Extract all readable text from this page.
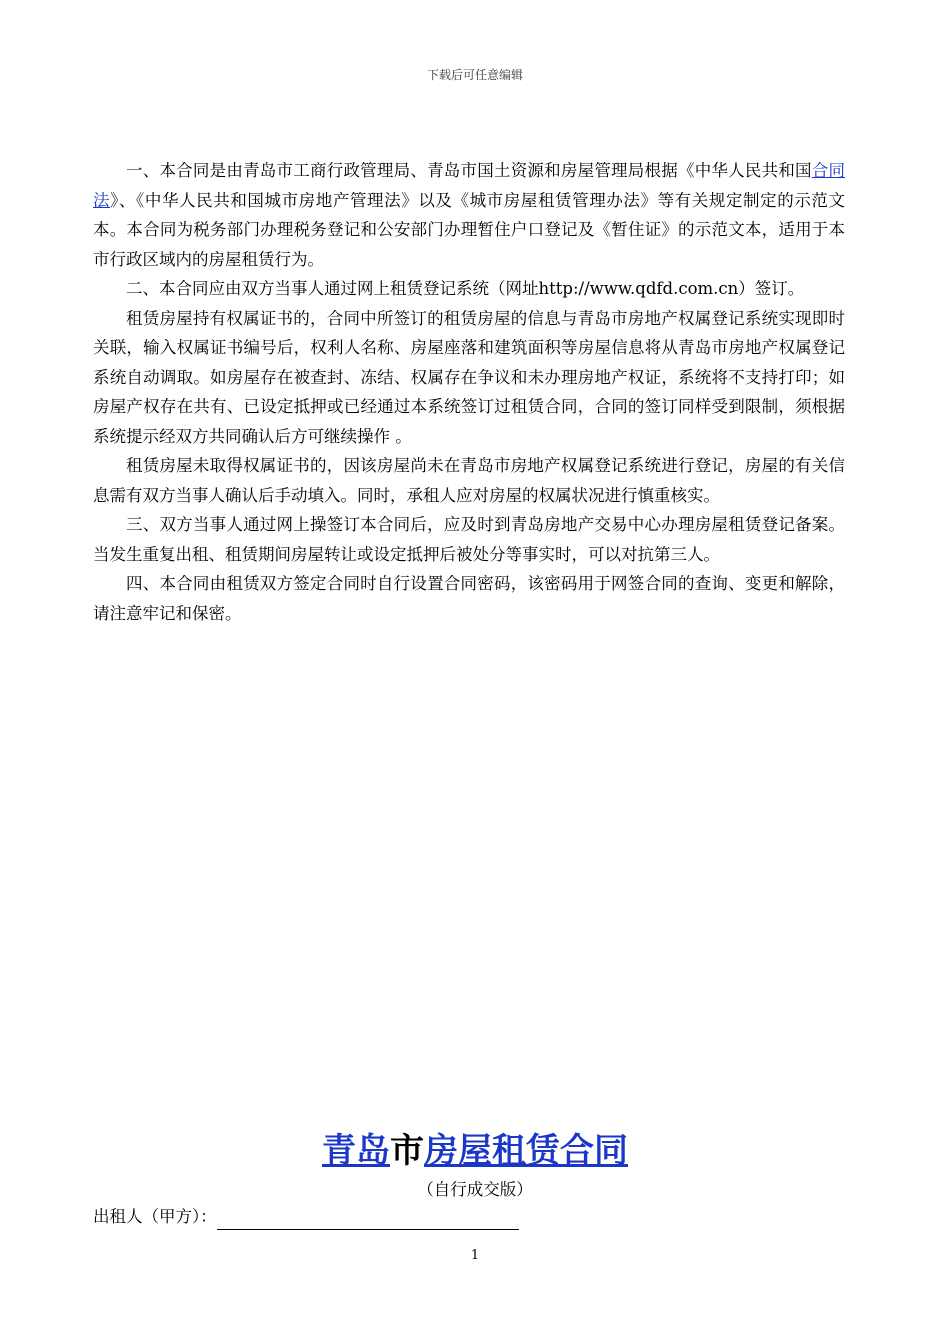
下载后可任意编辑

一、本合同是由青岛市工商行政管理局、青岛市国土资源和房屋管理局根据《中华人民共和国合同法》、《中华人民共和国城市房地产管理法》以及《城市房屋租赁管理办法》等有关规定制定的示范文本。本合同为税务部门办理税务登记和公安部门办理暂住户口登记及《暂住证》的示范文本，适用于本市行政区域内的房屋租赁行为。

二、本合同应由双方当事人通过网上租赁登记系统（网址http://www.qdfd.com.cn）签订。

租赁房屋持有权属证书的，合同中所签订的租赁房屋的信息与青岛市房地产权属登记系统实现即时关联，输入权属证书编号后，权利人名称、房屋座落和建筑面积等房屋信息将从青岛市房地产权属登记系统自动调取。如房屋存在被查封、冻结、权属存在争议和未办理房地产权证，系统将不支持打印；如房屋产权存在共有、已设定抵押或已经通过本系统签订过租赁合同，合同的签订同样受到限制，须根据系统提示经双方共同确认后方可继续操作 。

租赁房屋未取得权属证书的，因该房屋尚未在青岛市房地产权属登记系统进行登记，房屋的有关信息需有双方当事人确认后手动填入。同时，承租人应对房屋的权属状况进行慎重核实。

三、双方当事人通过网上操签订本合同后，应及时到青岛房地产交易中心办理房屋租赁登记备案。当发生重复出租、租赁期间房屋转让或设定抵押后被处分等事实时，可以对抗第三人。

四、本合同由租赁双方签定合同时自行设置合同密码，该密码用于网签合同的查询、变更和解除，请注意牢记和保密。

青岛市房屋租赁合同
（自行成交版）
出租人（甲方）：
1
